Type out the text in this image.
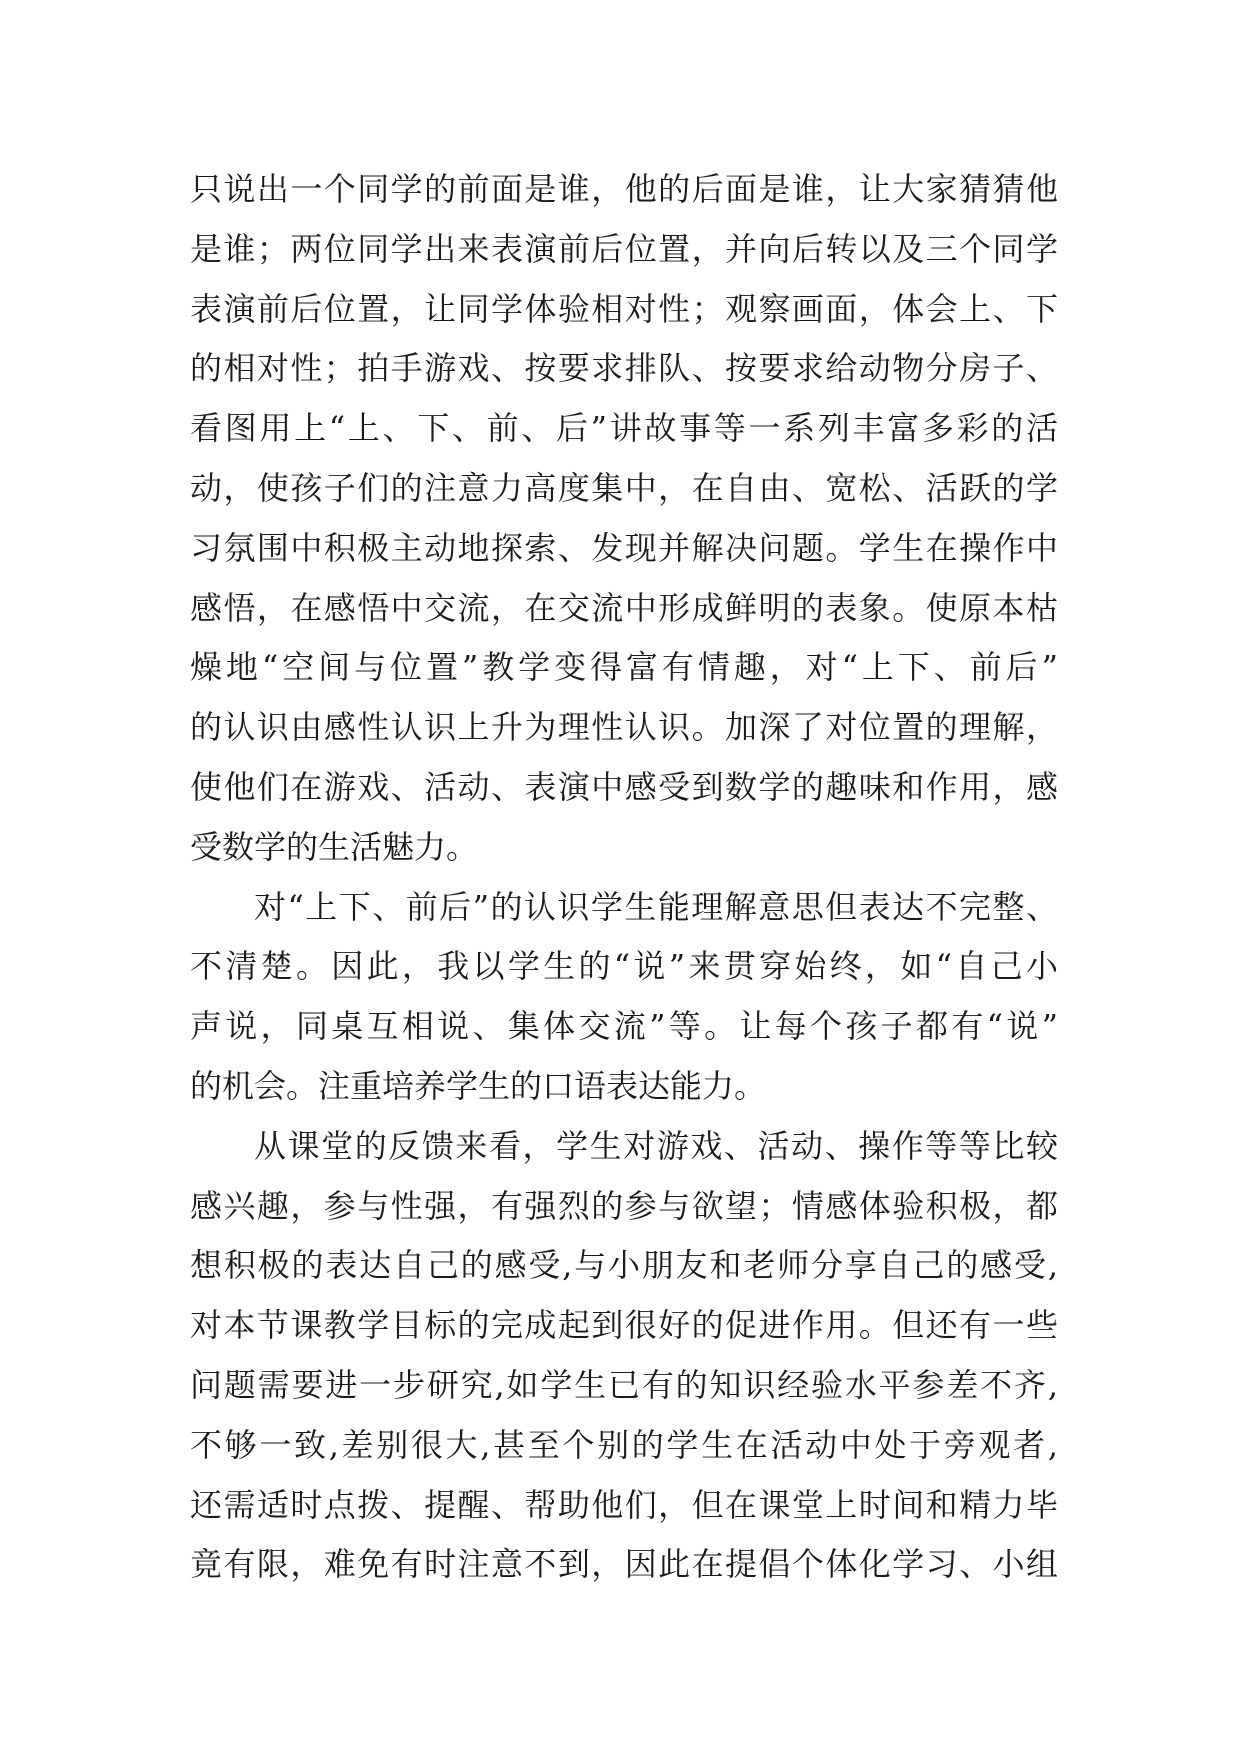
只说出一个同学的前面是谁，他的后面是谁，让大家猜猜他
是谁；两位同学出来表演前后位置，并向后转以及三个同学
表演前后位置，让同学体验相对性；观察画面，体会上、下
的相对性；拍手游戏、按要求排队、按要求给动物分房子、
看图用上“上、下、前、后”讲故事等一系列丰富多彩的活
动，使孩子们的注意力高度集中，在自由、宽松、活跃的学
习氛围中积极主动地探索、发现并解决问题。学生在操作中
感悟，在感悟中交流，在交流中形成鲜明的表象。使原本枯
燥地“空间与位置”教学变得富有情趣，对“上下、前后”
的认识由感性认识上升为理性认识。加深了对位置的理解，
使他们在游戏、活动、表演中感受到数学的趣味和作用，感
受数学的生活魅力。
对“上下、前后”的认识学生能理解意思但表达不完整、
不清楚。因此，我以学生的“说”来贯穿始终，如“自己小
声说，同桌互相说、集体交流”等。让每个孩子都有“说”
的机会。注重培养学生的口语表达能力。
从课堂的反馈来看，学生对游戏、活动、操作等等比较
感兴趣，参与性强，有强烈的参与欲望；情感体验积极，都
想积极的表达自己的感受,与小朋友和老师分享自己的感受,
对本节课教学目标的完成起到很好的促进作用。但还有一些
问题需要进一步研究,如学生已有的知识经验水平参差不齐,
不够一致,差别很大,甚至个别的学生在活动中处于旁观者,
还需适时点拨、提醒、帮助他们，但在课堂上时间和精力毕
竟有限，难免有时注意不到，因此在提倡个体化学习、小组
